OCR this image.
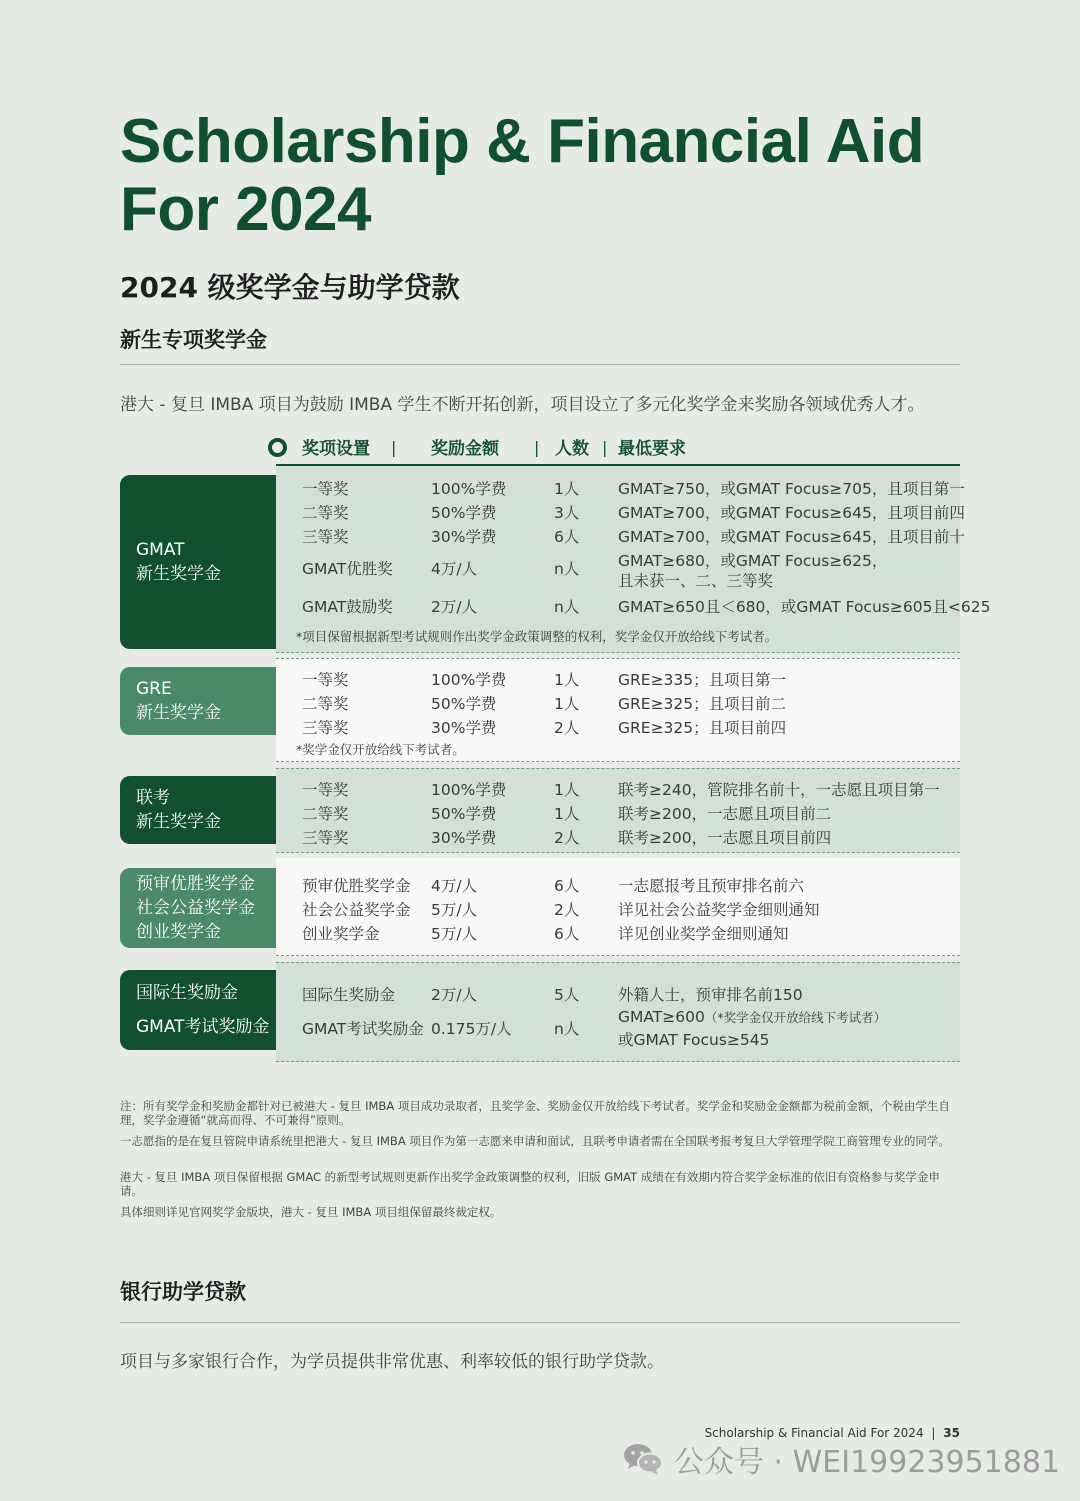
Scholarship & Financial Aid
For 2024
2024 级奖学金与助学贷款
新生专项奖学金
港大 - 复旦 IMBA 项目为鼓励 IMBA 学生不断开拓创新，项目设立了多元化奖学金来奖励各领域优秀人才。
奖项设置 | 奖励金额 | 人数 | 最低要求
GMAT
新生奖学金
一等奖	100%学费	1人 GMAT≥750，或GMAT Focus≥705，且项目第一
二等奖	50%学费	3人 GMAT≥700，或GMAT Focus≥645，且项目前四
三等奖	30%学费	6人 GMAT≥700，或GMAT Focus≥645，且项目前十
GMAT优胜奖 4万/人	n人 GMAT≥680，或GMAT Focus≥625，
且未获一、二、三等奖
GMAT鼓励奖 2万/人	n人 GMAT≥650且＜680，或GMAT Focus≥605且<625
*项目保留根据新型考试规则作出奖学金政策调整的权利，奖学金仅开放给线下考试者。
GRE
新生奖学金
一等奖	100%学费	1人 GRE≥335；且项目第一
二等奖	50%学费	1人 GRE≥325；且项目前二
三等奖	30%学费	2人 GRE≥325；且项目前四
*奖学金仅开放给线下考试者。
联考
新生奖学金
一等奖	100%学费	1人 联考≥240，管院排名前十，一志愿且项目第一
二等奖	50%学费	1人 联考≥200，一志愿且项目前二
三等奖	30%学费	2人 联考≥200，一志愿且项目前四
预审优胜奖学金
社会公益奖学金
创业奖学金
预审优胜奖学金 4万/人	6人 一志愿报考且预审排名前六
社会公益奖学金 5万/人	2人 详见社会公益奖学金细则通知
创业奖学金	5万/人	6人 详见创业奖学金细则通知
国际生奖励金
GMAT考试奖励金
国际生奖励金 2万/人	5人 外籍人士，预审排名前150
GMAT考试奖励金 0.175万/人	n人
GMAT≥600（*奖学金仅开放给线下考试者）
或GMAT Focus≥545
注：所有奖学金和奖励金都针对已被港大 - 复旦 IMBA 项目成功录取者，且奖学金、奖励金仅开放给线下考试者。奖学金和奖励金金额都为税前金额，个税由学生自理，奖学金遵循“就高而得、不可兼得”原则。
一志愿指的是在复旦管院申请系统里把港大 - 复旦 IMBA 项目作为第一志愿来申请和面试，且联考申请者需在全国联考报考复旦大学管理学院工商管理专业的同学。
港大 - 复旦 IMBA 项目保留根据 GMAC 的新型考试规则更新作出奖学金政策调整的权利，旧版 GMAT 成绩在有效期内符合奖学金标准的依旧有资格参与奖学金申请。
具体细则详见官网奖学金版块，港大 - 复旦 IMBA 项目组保留最终裁定权。
银行助学贷款
项目与多家银行合作，为学员提供非常优惠、利率较低的银行助学贷款。
Scholarship & Financial Aid For 2024 | 35
公众号 · WEI19923951881
